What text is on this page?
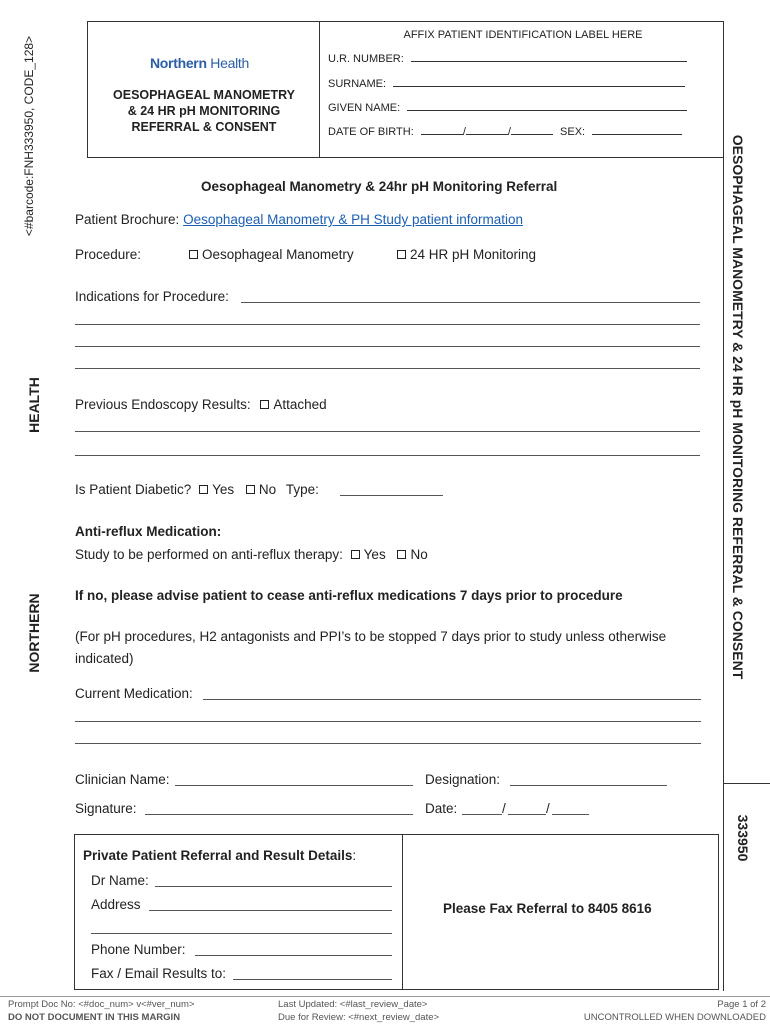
<#barcode:FNH333950, CODE_128>
HEALTH
NORTHERN	OESOPHAGEAL MANOMETRY & 24 HR pH MONITORING REFERRAL & CONSENT
333950
Northern Health
OESOPHAGEAL MANOMETRY
& 24 HR pH MONITORING
REFERRAL & CONSENT
AFFIX PATIENT IDENTIFICATION LABEL HERE
U.R. NUMBER:
SURNAME:
GIVEN NAME:
DATE OF BIRTH:	/	/	SEX:
Oesophageal Manometry & 24hr pH Monitoring Referral
Patient Brochure: Oesophageal Manometry & PH Study patient information
Procedure:	Oesophageal Manometry	24 HR pH Monitoring
Indications for Procedure:
Previous Endoscopy Results: Attached
Is Patient Diabetic? Yes No Type:
Anti-reflux Medication:
Study to be performed on anti-reflux therapy: Yes No
If no, please advise patient to cease anti-reflux medications 7 days prior to procedure
(For pH procedures, H2 antagonists and PPI’s to be stopped 7 days prior to study unless otherwise
indicated)
Current Medication:
Clinician Name:	Designation:
Signature:	Date:	/	/
Private Patient Referral and Result Details:
Dr Name:
Address
Phone Number:
Fax / Email Results to:
Please Fax Referral to 8405 8616
Prompt Doc No: <#doc_num> v<#ver_num>
DO NOT DOCUMENT IN THIS MARGIN
Last Updated: <#last_review_date>
Due for Review: <#next_review_date>
Page 1 of 2
UNCONTROLLED WHEN DOWNLOADED
